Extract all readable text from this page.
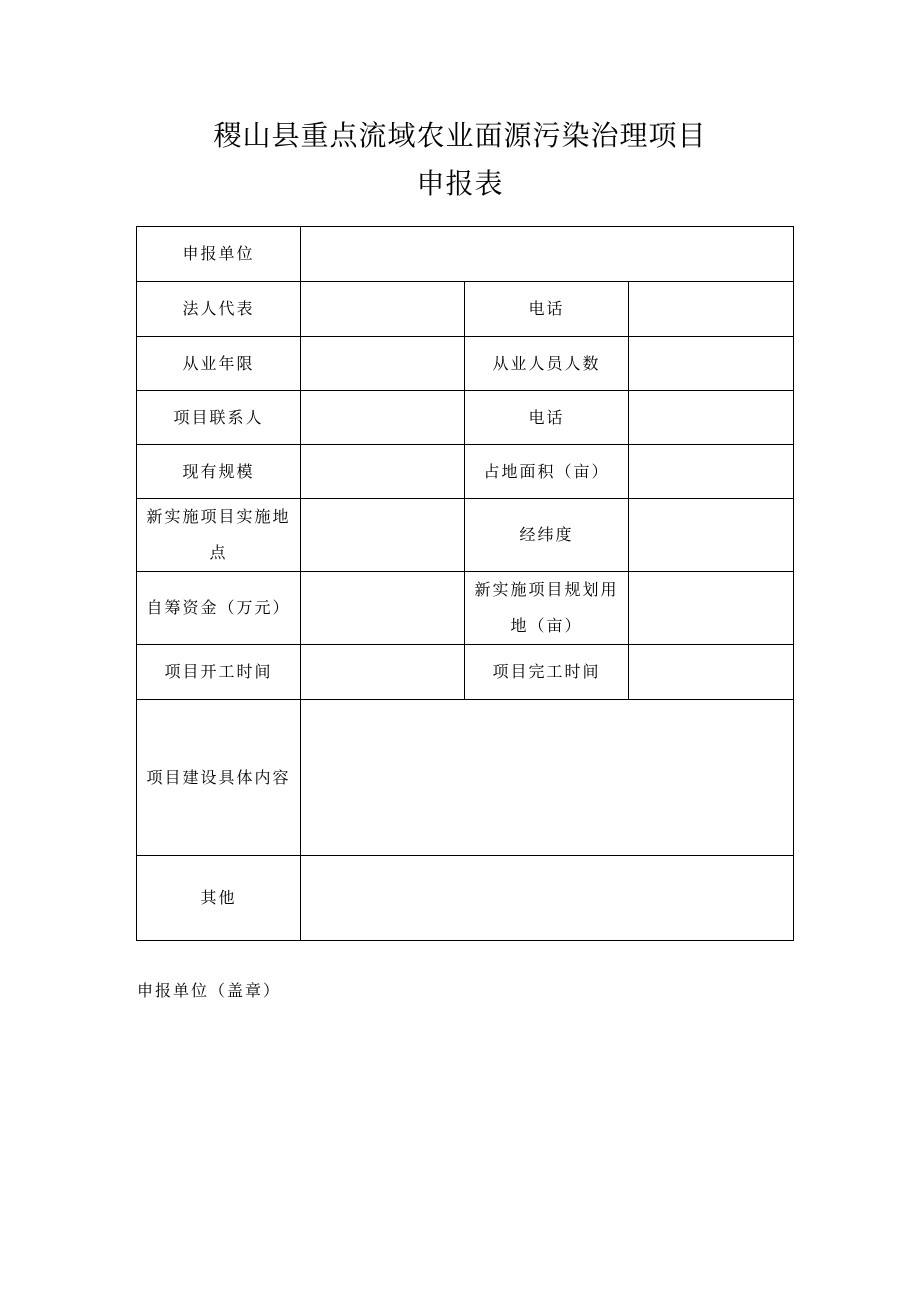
稷山县重点流域农业面源污染治理项目
申报表
申报单位			
法人代表		电话	
从业年限		从业人员人数	
项目联系人		电话	
现有规模		占地面积（亩）	
新实施项目实施地点		经纬度	
自筹资金（万元）		新实施项目规划用地（亩）	
项目开工时间		项目完工时间	
项目建设具体内容			
其他			
申报单位（盖章）
